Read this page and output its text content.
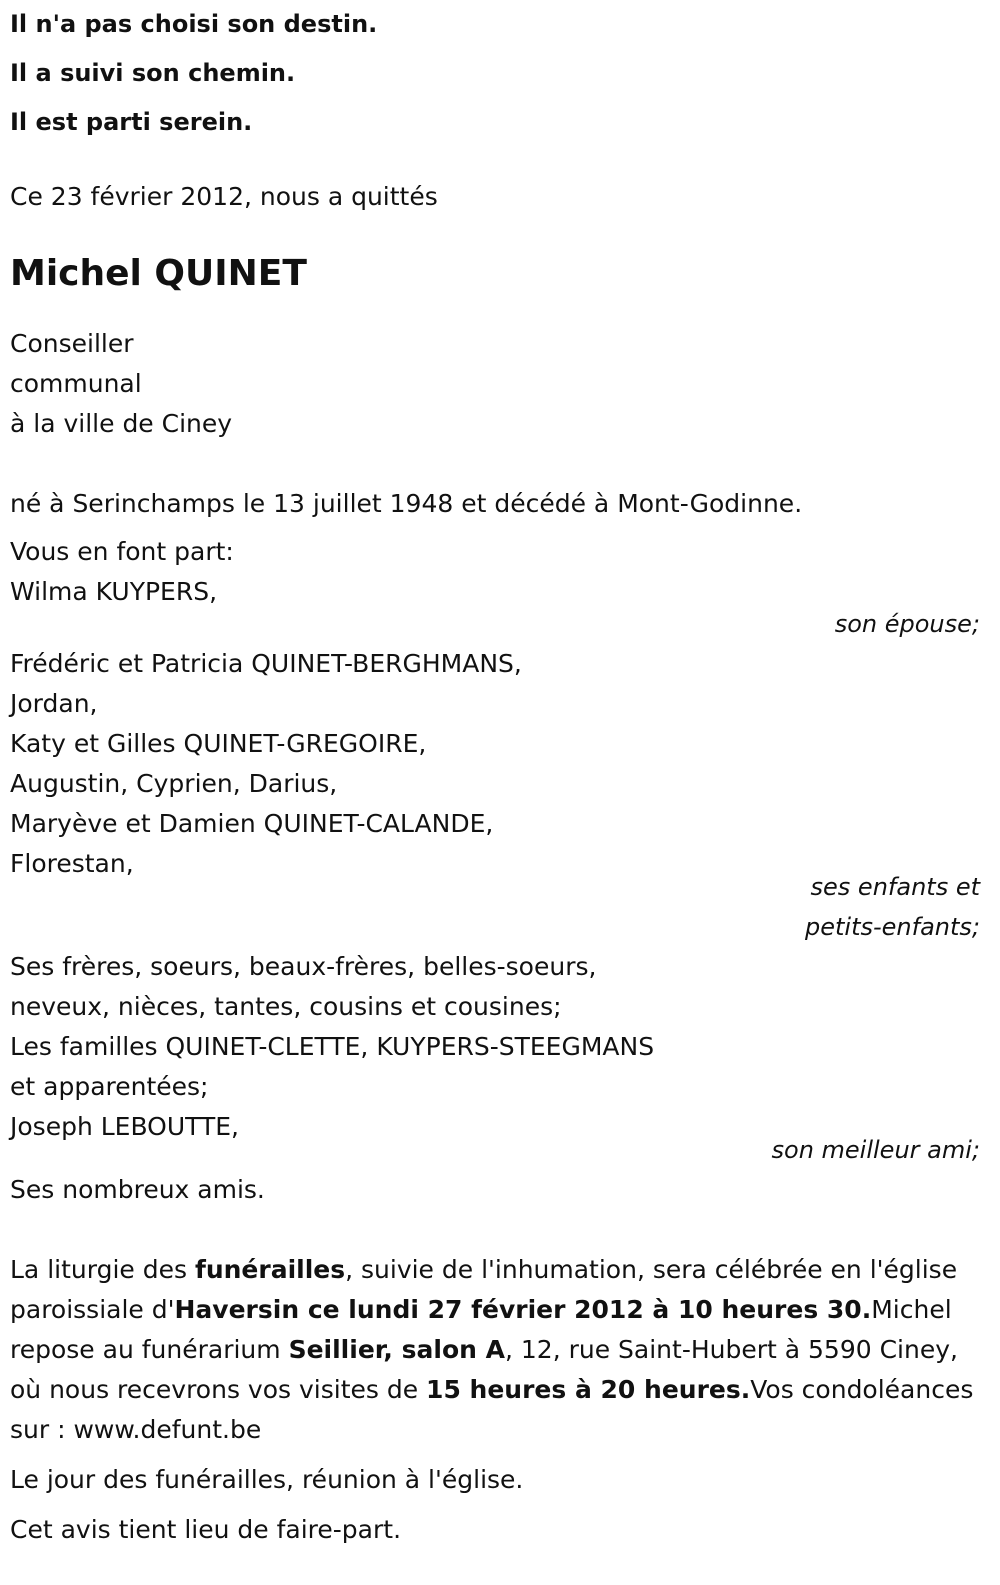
Il n'a pas choisi son destin.
Il a suivi son chemin.
Il est parti serein.
Ce 23 février 2012, nous a quittés
Michel QUINET
Conseiller
communal
à la ville de Ciney
né à Serinchamps le 13 juillet 1948 et décédé à Mont-Godinne.
Vous en font part:
Wilma KUYPERS,
son épouse;
Frédéric et Patricia QUINET-BERGHMANS,
Jordan,
Katy et Gilles QUINET-GREGOIRE,
Augustin, Cyprien, Darius,
Maryève et Damien QUINET-CALANDE,
Florestan,
ses enfants et
petits-enfants;
Ses frères, soeurs, beaux-frères, belles-soeurs,
neveux, nièces, tantes, cousins et cousines;
Les familles QUINET-CLETTE, KUYPERS-STEEGMANS
et apparentées;
Joseph LEBOUTTE,
son meilleur ami;
Ses nombreux amis.
La liturgie des funérailles, suivie de l'inhumation, sera célébrée en l'église paroissiale d'Haversin ce lundi 27 février 2012 à 10 heures 30.Michel repose au funérarium Seillier, salon A, 12, rue Saint-Hubert à 5590 Ciney, où nous recevrons vos visites de 15 heures à 20 heures.Vos condoléances sur : www.defunt.be
Le jour des funérailles, réunion à l'église.
Cet avis tient lieu de faire-part.
